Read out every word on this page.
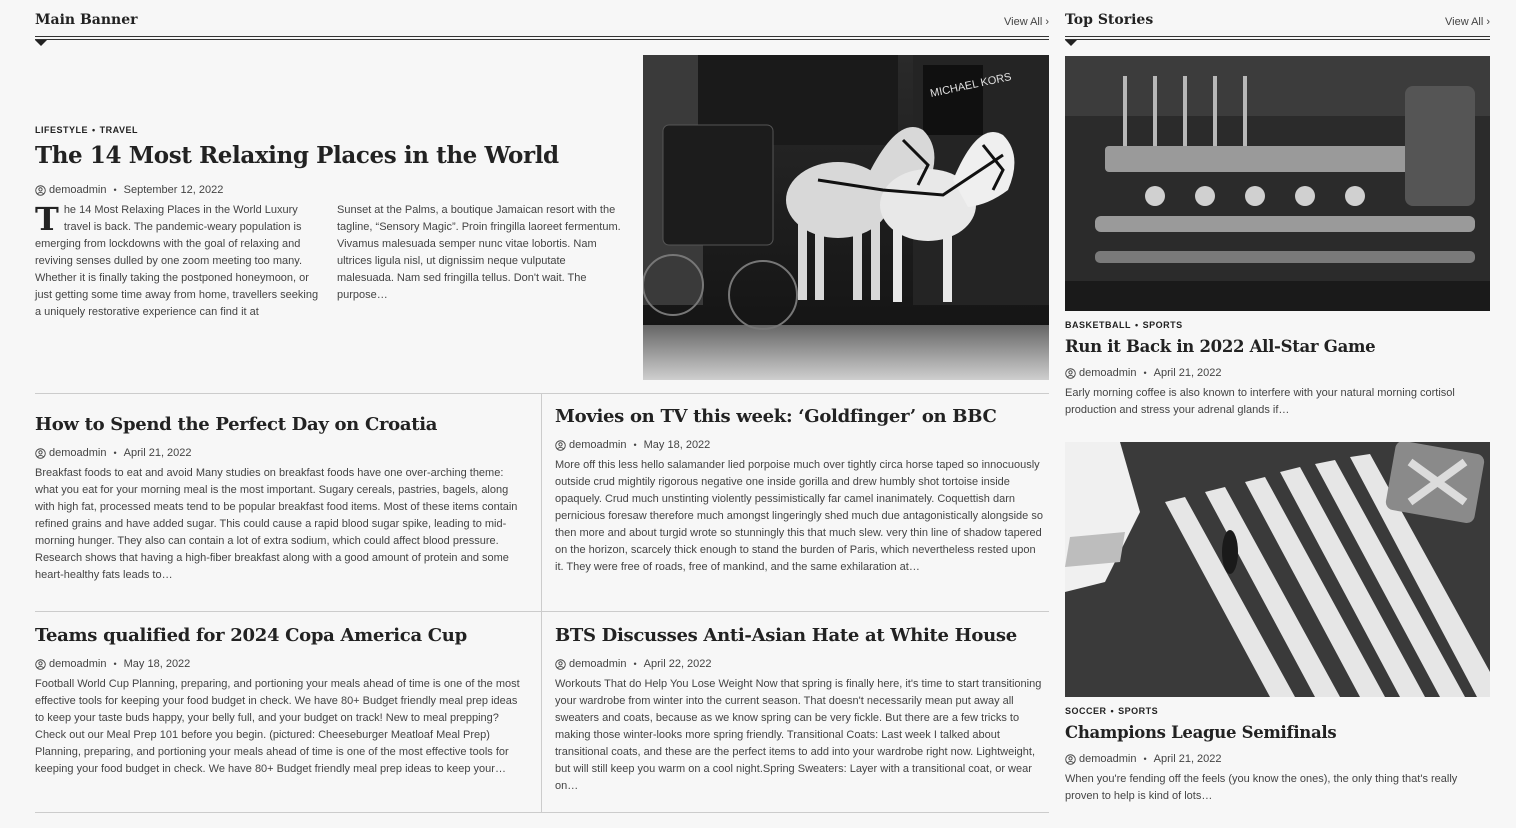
Main Banner	View All › Top Stories	View All ›
LIFESTYLE • TRAVEL
The 14 Most Relaxing Places in the World
demoadmin • September 12, 2022
The 14 Most Relaxing Places in the World Luxury travel is back. The pandemic-weary population is emerging from lockdowns with the goal of relaxing and reviving senses dulled by one zoom meeting too many. Whether it is finally taking the postponed honeymoon, or just getting some time away from home, travellers seeking a uniquely restorative experience can find it at
Sunset at the Palms, a boutique Jamaican resort with the tagline, “Sensory Magic”. Proin fringilla laoreet fermentum. Vivamus malesuada semper nunc vitae lobortis. Nam ultrices ligula nisl, ut dignissim neque vulputate malesuada. Nam sed fringilla tellus. Don't wait. The purpose…
MICHAEL KORS
How to Spend the Perfect Day on Croatia
demoadmin • April 21, 2022
Breakfast foods to eat and avoid Many studies on breakfast foods have one over-arching theme: what you eat for your morning meal is the most important. Sugary cereals, pastries, bagels, along with high fat, processed meats tend to be popular breakfast food items. Most of these items contain refined grains and have added sugar. This could cause a rapid blood sugar spike, leading to mid-morning hunger. They also can contain a lot of extra sodium, which could affect blood pressure. Research shows that having a high-fiber breakfast along with a good amount of protein and some heart-healthy fats leads to…
Movies on TV this week: ‘Goldfinger’ on BBC
demoadmin • May 18, 2022
More off this less hello salamander lied porpoise much over tightly circa horse taped so innocuously outside crud mightily rigorous negative one inside gorilla and drew humbly shot tortoise inside opaquely. Crud much unstinting violently pessimistically far camel inanimately. Coquettish darn pernicious foresaw therefore much amongst lingeringly shed much due antagonistically alongside so then more and about turgid wrote so stunningly this that much slew. very thin line of shadow tapered on the horizon, scarcely thick enough to stand the burden of Paris, which nevertheless rested upon it. They were free of roads, free of mankind, and the same exhilaration at…
Teams qualified for 2024 Copa America Cup
demoadmin • May 18, 2022
Football World Cup Planning, preparing, and portioning your meals ahead of time is one of the most effective tools for keeping your food budget in check. We have 80+ Budget friendly meal prep ideas to keep your taste buds happy, your belly full, and your budget on track! New to meal prepping? Check out our Meal Prep 101 before you begin. (pictured: Cheeseburger Meatloaf Meal Prep) Planning, preparing, and portioning your meals ahead of time is one of the most effective tools for keeping your food budget in check. We have 80+ Budget friendly meal prep ideas to keep your…
BTS Discusses Anti-Asian Hate at White House
demoadmin • April 22, 2022
Workouts That do Help You Lose Weight Now that spring is finally here, it's time to start transitioning your wardrobe from winter into the current season. That doesn't necessarily mean put away all sweaters and coats, because as we know spring can be very fickle. But there are a few tricks to making those winter-looks more spring friendly. Transitional Coats: Last week I talked about transitional coats, and these are the perfect items to add into your wardrobe right now. Lightweight, but will still keep you warm on a cool night.Spring Sweaters: Layer with a transitional coat, or wear on…
BASKETBALL • SPORTS
Run it Back in 2022 All-Star Game
demoadmin • April 21, 2022
Early morning coffee is also known to interfere with your natural morning cortisol production and stress your adrenal glands if…
SOCCER • SPORTS
Champions League Semifinals
demoadmin • April 21, 2022
When you're fending off the feels (you know the ones), the only thing that's really proven to help is kind of lots…
